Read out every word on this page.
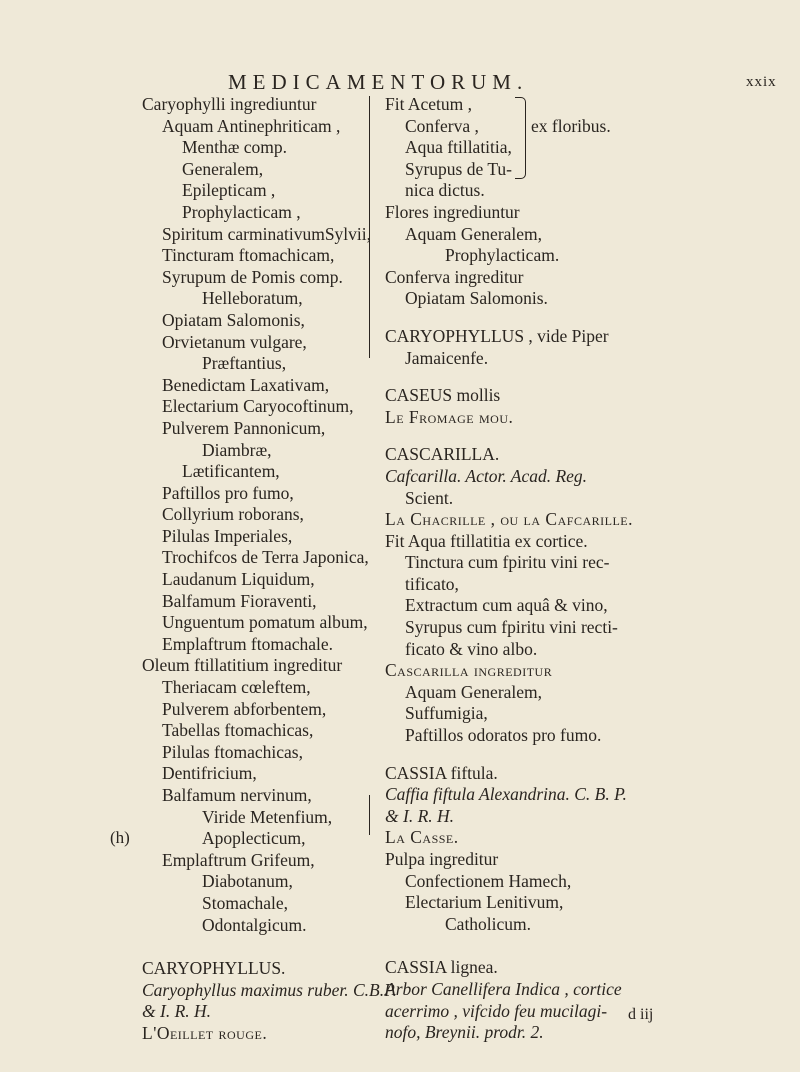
MEDICAMENTORUM.	xxix
Caryophylli ingrediuntur
Aquam Antinephriticam ,
Menthæ comp.
Generalem,
Epilepticam ,
Prophylacticam ,
Spiritum carminativumSylvii,
Tincturam ftomachicam,
Syrupum de Pomis comp.
Helleboratum,
Opiatam Salomonis,
Orvietanum vulgare,
Præftantius,
Benedictam Laxativam,
Electarium Caryocoftinum,
Pulverem Pannonicum,
Diambræ,
Lætificantem,
Paftillos pro fumo,
Collyrium roborans,
Pilulas Imperiales,
Trochifcos de Terra Japonica,
Laudanum Liquidum,
Balfamum Fioraventi,
Unguentum pomatum album,
Emplaftrum ftomachale.
Oleum ftillatitium ingreditur
Theriacam cœleftem,
Pulverem abforbentem,
Tabellas ftomachicas,
Pilulas ftomachicas,
Dentifricium,
Balfamum nervinum,
Viride Metenfium,
Apoplecticum,
Emplaftrum Grifeum,
Diabotanum,
Stomachale,
Odontalgicum.
CARYOPHYLLUS.
Caryophyllus maximus ruber. C.B.P.
& I. R. H.
L'Oeillet rouge.
(h)
Fit Acetum ,
Conferva ,
Aqua ftillatitia,
Syrupus de Tu-
nica dictus.
ex floribus.
Flores ingrediuntur
Aquam Generalem,
Prophylacticam.
Conferva ingreditur
Opiatam Salomonis.
CARYOPHYLLUS , vide Piper
Jamaicenfe.
CASEUS mollis
Le Fromage mou.
CASCARILLA.
Cafcarilla. Actor. Acad. Reg.
Scient.
La Chacrille , ou la Cafcarille.
Fit Aqua ftillatitia ex cortice.
Tinctura cum fpiritu vini rec-
tificato,
Extractum cum aquâ & vino,
Syrupus cum fpiritu vini recti-
ficato & vino albo.
Cascarilla ingreditur
Aquam Generalem,
Suffumigia,
Paftillos odoratos pro fumo.
CASSIA fiftula.
Caffia fiftula Alexandrina. C. B. P.
& I. R. H.
La Casse.
Pulpa ingreditur
Confectionem Hamech,
Electarium Lenitivum,
Catholicum.
CASSIA lignea.
Arbor Canellifera Indica , cortice
acerrimo , vifcido feu mucilagi-
nofo, Breynii. prodr. 2.
d iij
